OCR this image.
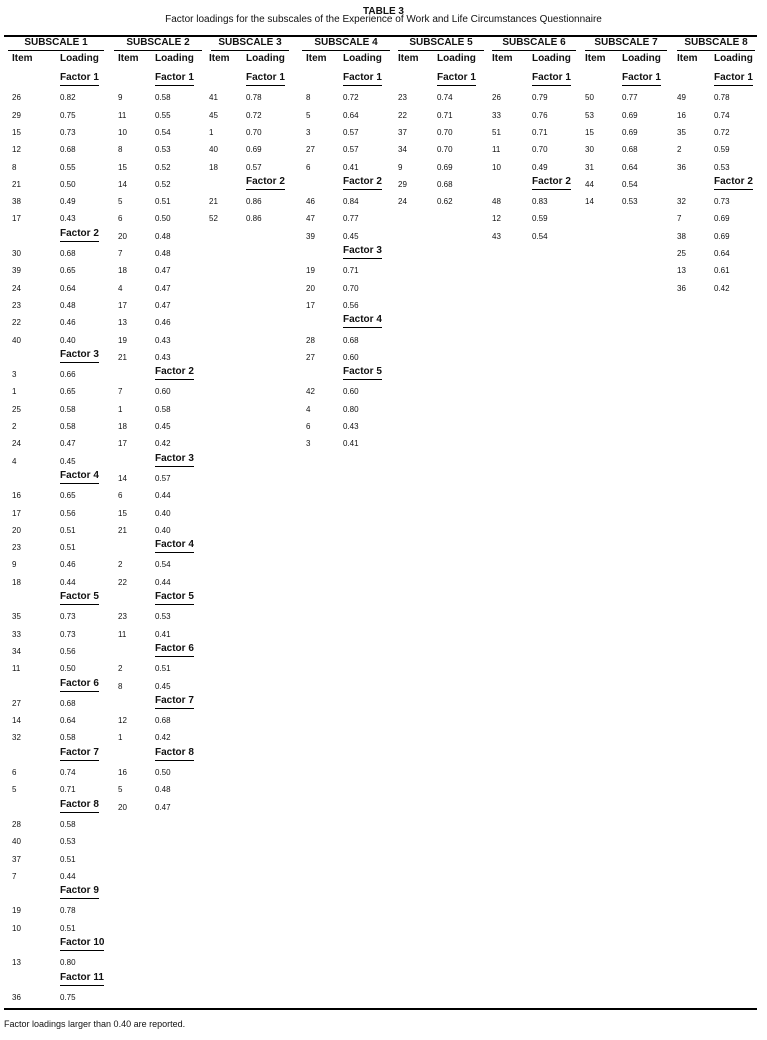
TABLE 3
Factor loadings for the subscales of the Experience of Work and Life Circumstances Questionnaire
SUBSCALE 1
Item	Loading
Factor 1
26	0.82
29	0.75
15	0.73
12	0.68
8	0.55
21	0.50
38	0.49
17	0.43
Factor 2
30	0.68
39	0.65
24	0.64
23	0.48
22	0.46
40	0.40
Factor 3
3	0.66
1	0.65
25	0.58
2	0.58
24	0.47
4	0.45
Factor 4
16	0.65
17	0.56
20	0.51
23	0.51
9	0.46
18	0.44
Factor 5
35	0.73
33	0.73
34	0.56
11	0.50
Factor 6
27	0.68
14	0.64
32	0.58
Factor 7
6	0.74
5	0.71
Factor 8
28	0.58
40	0.53
37	0.51
7	0.44
Factor 9
19	0.78
10	0.51
Factor 10
13	0.80
Factor 11
36	0.75
SUBSCALE 2
Item Loading
Factor 1
9	0.58
11	0.55
10	0.54
8	0.53
15	0.52
14	0.52
5	0.51
6	0.50
20	0.48
7	0.48
18	0.47
4	0.47
17	0.47
13	0.46
19	0.43
21	0.43
Factor 2
7	0.60
1	0.58
18	0.45
17	0.42
Factor 3
14	0.57
6	0.44
15	0.40
21	0.40
Factor 4
2	0.54
22	0.44
Factor 5
23	0.53
11	0.41
Factor 6
2	0.51
8	0.45
Factor 7
12	0.68
1	0.42
Factor 8
16	0.50
5	0.48
20	0.47
SUBSCALE 3
Item Loading
Factor 1
41	0.78
45	0.72
1	0.70
40	0.69
18	0.57
Factor 2
21	0.86
52	0.86
SUBSCALE 4
Item Loading
Factor 1
8	0.72
5	0.64
3	0.57
27	0.57
6	0.41
Factor 2
46	0.84
47	0.77
39	0.45
Factor 3
19	0.71
20	0.70
17	0.56
Factor 4
28	0.68
27	0.60
Factor 5
42	0.60
4	0.80
6	0.43
3	0.41
SUBSCALE 5
Item Loading
Factor 1
23	0.74
22	0.71
37	0.70
34	0.70
9	0.69
29	0.68
24	0.62
SUBSCALE 6
Item Loading
Factor 1
26	0.79
33	0.76
51	0.71
11	0.70
10	0.49
Factor 2
48	0.83
12	0.59
43	0.54
SUBSCALE 7
Item Loading
Factor 1
50	0.77
53	0.69
15	0.69
30	0.68
31	0.64
44	0.54
14	0.53
SUBSCALE 8
Item Loading
Factor 1
49	0.78
16	0.74
35	0.72
2	0.59
36	0.53
Factor 2
32	0.73
7	0.69
38	0.69
25	0.64
13	0.61
36	0.42
Factor loadings larger than 0.40 are reported.
